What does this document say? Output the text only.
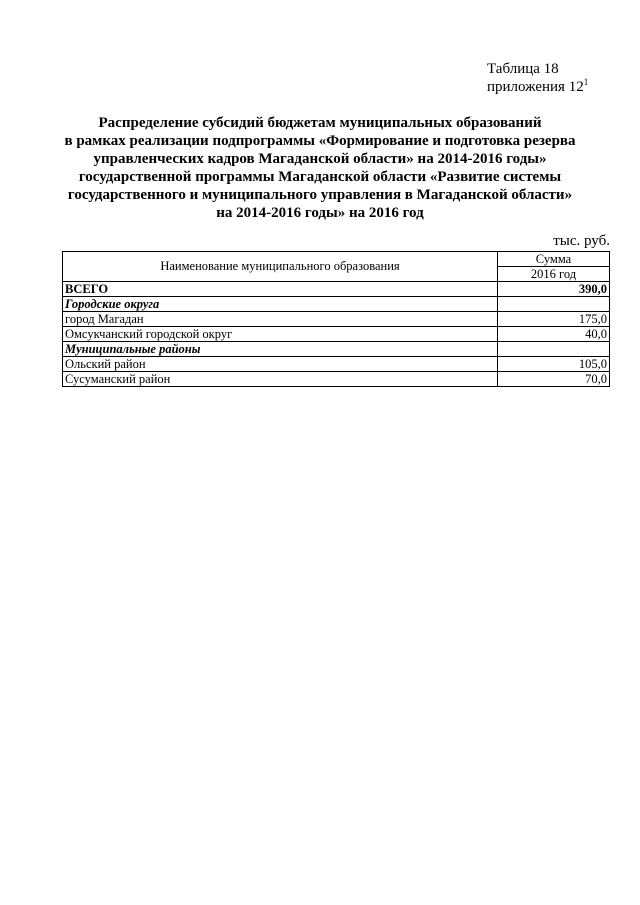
Таблица 18
приложения $12^1$
Распределение субсидий бюджетам муниципальных образований
в рамках реализации подпрограммы «Формирование и подготовка резерва
управленческих кадров Магаданской области» на 2014-2016 годы»
государственной программы Магаданской области «Развитие системы
государственного и муниципального управления в Магаданской области»
на 2014-2016 годы» на 2016 год
тыс. руб.
Наименование муниципального образования	Сумма
	2016 год
ВСЕГО	390,0
Городские округа	
город Магадан	175,0
Омсукчанский городской округ	40,0
Муниципальные районы	
Ольский район	105,0
Сусуманский район	70,0
